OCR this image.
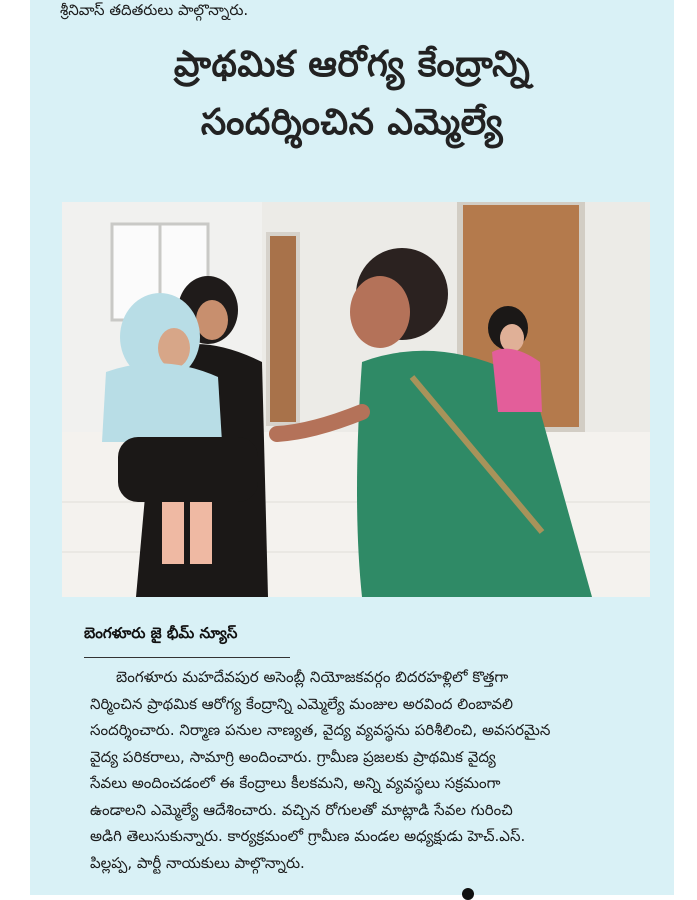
శ్రీనివాస్ తదితరులు పాల్గొన్నారు.
ప్రాథమిక ఆరోగ్య కేంద్రాన్ని
సందర్శించిన ఎమ్మెల్యే
బెంగళూరు జై భీమ్ న్యూస్
బెంగళూరు మహదేవపుర అసెంబ్లీ నియోజకవర్గం బిదరహళ్లిలో కొత్తగా
నిర్మించిన ప్రాథమిక ఆరోగ్య కేంద్రాన్ని ఎమ్మెల్యే మంజుల అరవింద లింబావలి
సందర్శించారు. నిర్మాణ పనుల నాణ్యత, వైద్య వ్యవస్థను పరిశీలించి, అవసరమైన
వైద్య పరికరాలు, సామాగ్రి అందించారు. గ్రామీణ ప్రజలకు ప్రాథమిక వైద్య
సేవలు అందించడంలో ఈ కేంద్రాలు కీలకమని, అన్ని వ్యవస్థలు సక్రమంగా
ఉండాలని ఎమ్మెల్యే ఆదేశించారు. వచ్చిన రోగులతో మాట్లాడి సేవల గురించి
అడిగి తెలుసుకున్నారు. కార్యక్రమంలో గ్రామీణ మండల అధ్యక్షుడు హెచ్.ఎస్.
పిల్లప్ప, పార్టీ నాయకులు పాల్గొన్నారు.
